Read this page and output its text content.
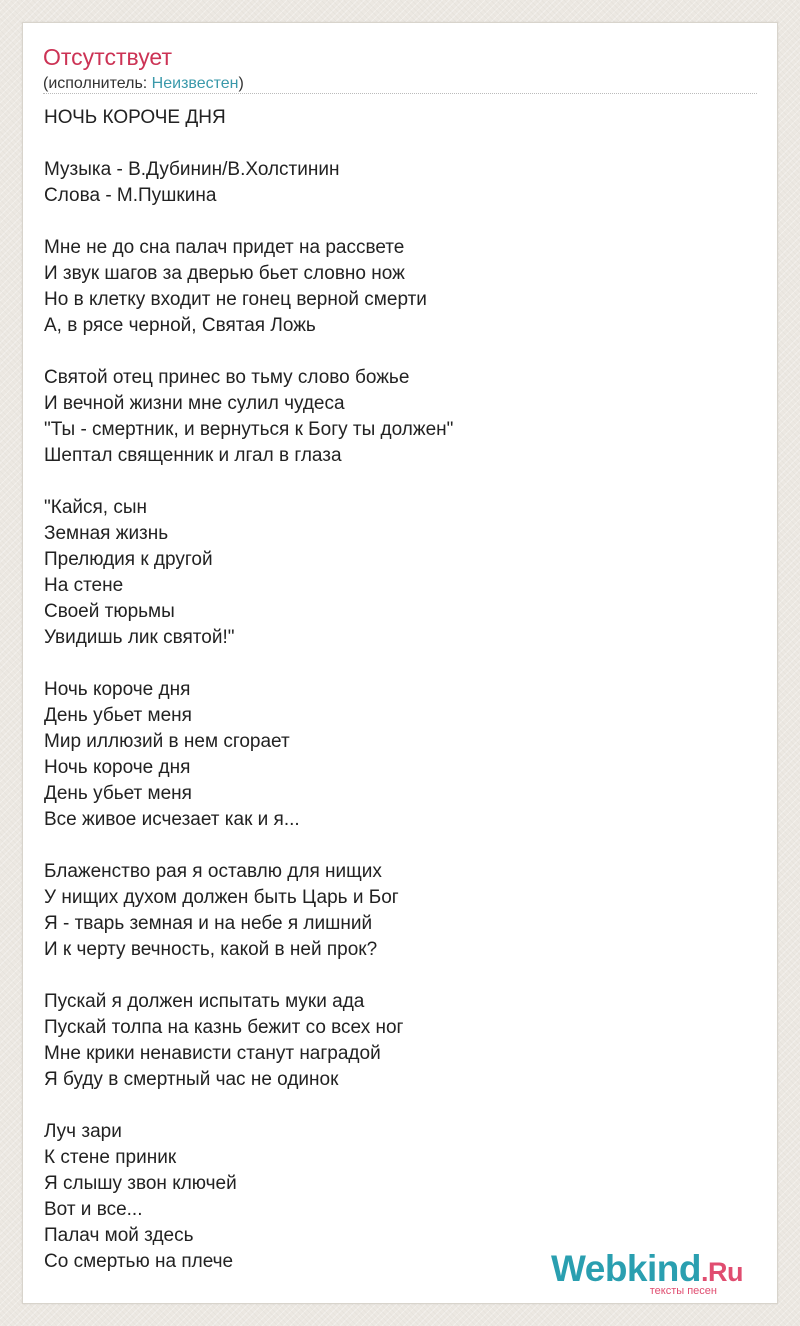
Отсутствует
(исполнитель: Неизвестен)
НОЧЬ КОРОЧЕ ДНЯ
Музыка - В.Дубинин/В.Холстинин
Слова - М.Пушкина
Мне не до сна палач придет на рассвете
И звук шагов за дверью бьет словно нож
Но в клетку входит не гонец верной смерти
А, в рясе черной, Святая Ложь
Святой отец принес во тьму слово божье
И вечной жизни мне сулил чудеса
"Ты - смертник, и вернуться к Богу ты должен"
Шептал священник и лгал в глаза
"Кайся, сын
Земная жизнь
Прелюдия к другой
На стене
Своей тюрьмы
Увидишь лик святой!"
Ночь короче дня
День убьет меня
Мир иллюзий в нем сгорает
Ночь короче дня
День убьет меня
Все живое исчезает как и я...
Блаженство рая я оставлю для нищих
У нищих духом должен быть Царь и Бог
Я - тварь земная и на небе я лишний
И к черту вечность, какой в ней прок?
Пускай я должен испытать муки ада
Пускай толпа на казнь бежит со всех ног
Мне крики ненависти станут наградой
Я буду в смертный час не одинок
Луч зари
К стене приник
Я слышу звон ключей
Вот и все...
Палач мой здесь
Со смертью на плече	Webkind.Ru
тексты песен
